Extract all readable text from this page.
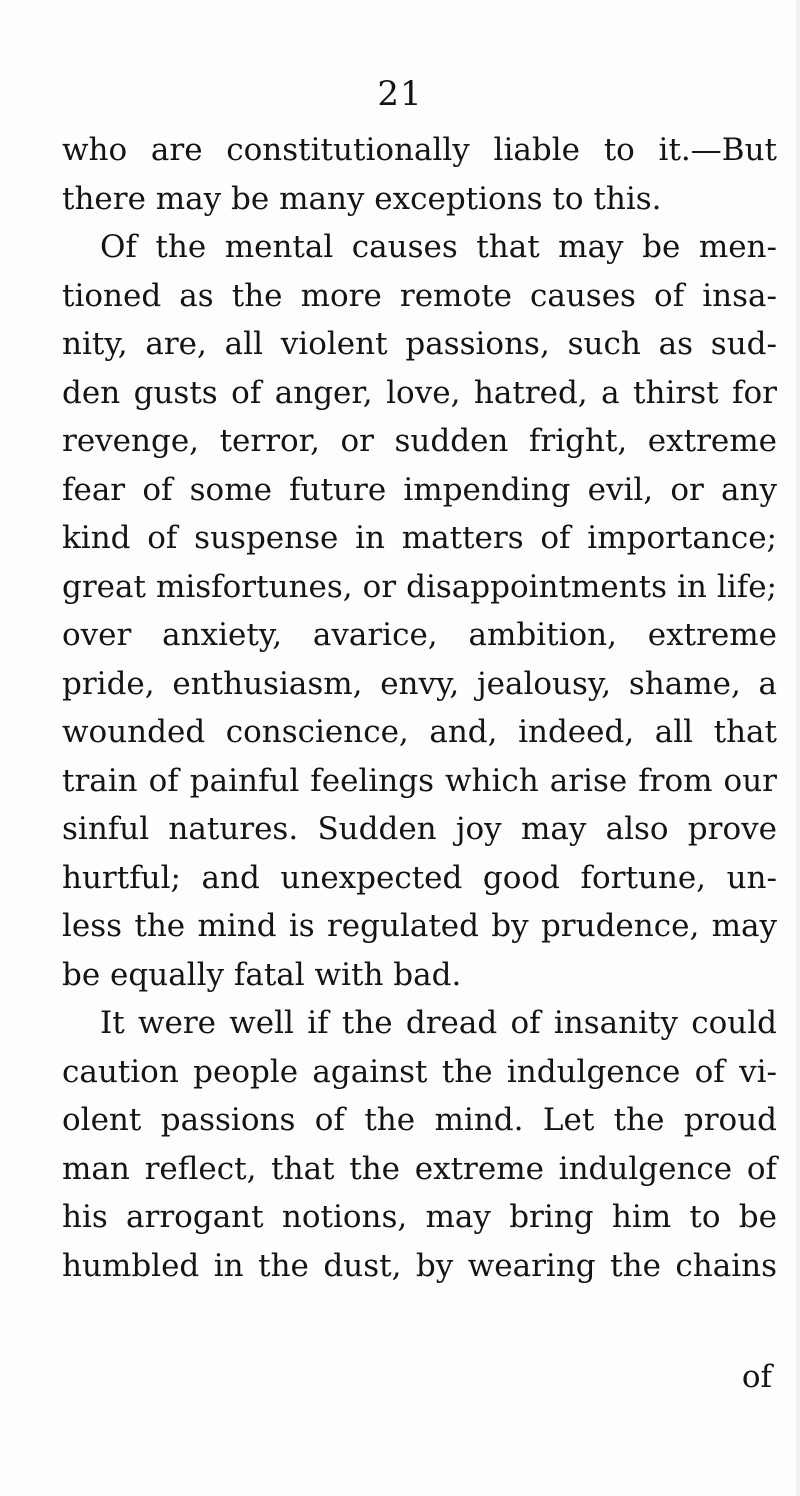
21
who are constitutionally liable to it.—But
there may be many exceptions to this.
Of the mental causes that may be men-
tioned as the more remote causes of insa-
nity, are, all violent passions, such as sud-
den gusts of anger, love, hatred, a thirst for
revenge, terror, or sudden fright, extreme
fear of some future impending evil, or any
kind of suspense in matters of importance;
great misfortunes, or disappointments in life;
over anxiety, avarice, ambition, extreme
pride, enthusiasm, envy, jealousy, shame, a
wounded conscience, and, indeed, all that
train of painful feelings which arise from our
sinful natures. Sudden joy may also prove
hurtful; and unexpected good fortune, un-
less the mind is regulated by prudence, may
be equally fatal with bad.
It were well if the dread of insanity could
caution people against the indulgence of vi-
olent passions of the mind. Let the proud
man reflect, that the extreme indulgence of
his arrogant notions, may bring him to be
humbled in the dust, by wearing the chains
of
